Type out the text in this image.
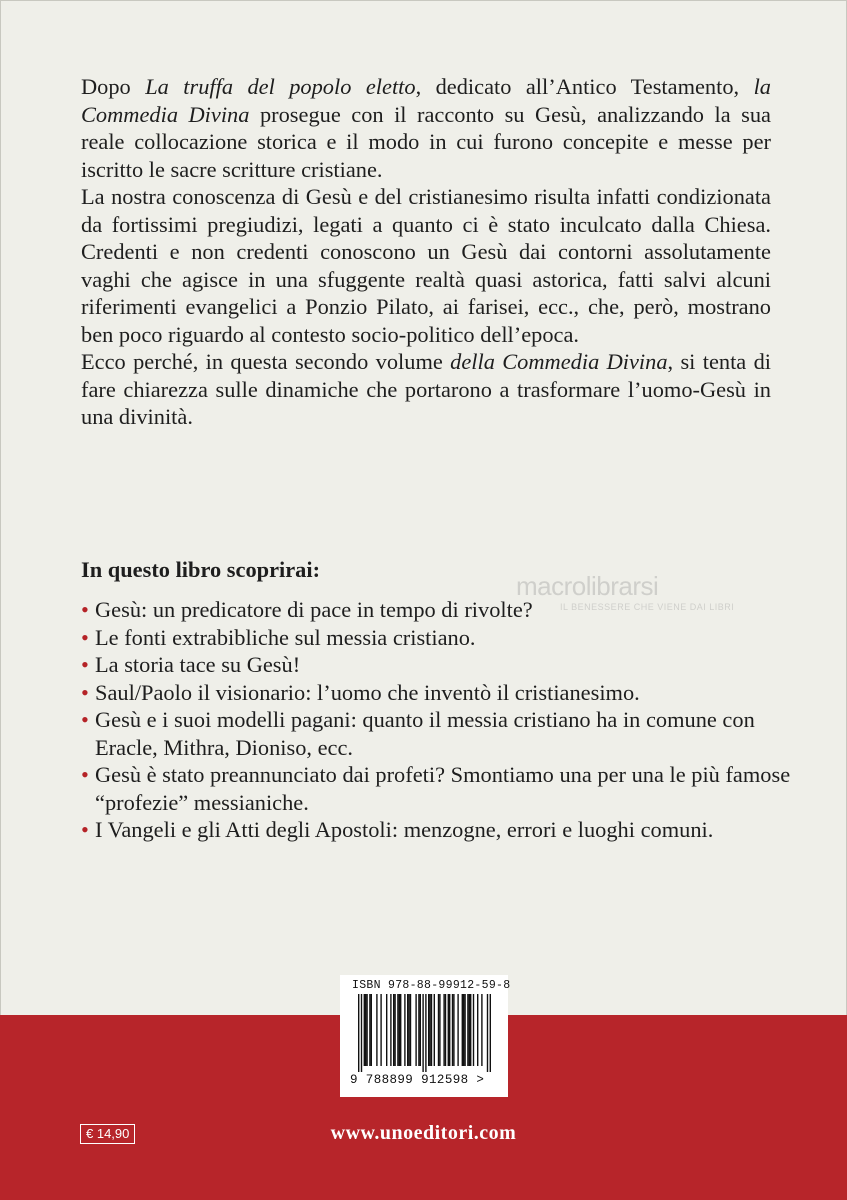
Dopo La truffa del popolo eletto, dedicato all’Antico Testamento, la Commedia Divina prosegue con il racconto su Gesù, analizzando la sua reale collocazione storica e il modo in cui furono concepite e messe per iscritto le sacre scritture cristiane.

La nostra conoscenza di Gesù e del cristianesimo risulta infatti condizionata da fortissimi pregiudizi, legati a quanto ci è stato inculcato dalla Chiesa. Credenti e non credenti conoscono un Gesù dai contorni assolutamente vaghi che agisce in una sfuggente realtà quasi astorica, fatti salvi alcuni riferimenti evangelici a Ponzio Pilato, ai farisei, ecc., che, però, mostrano ben poco riguardo al contesto socio-politico dell’epoca.

Ecco perché, in questa secondo volume della Commedia Divina, si tenta di fare chiarezza sulle dinamiche che portarono a trasformare l’uomo-Gesù in una divinità.

macrolibrarsi
IL BENESSERE CHE VIENE DAI LIBRI
In questo libro scoprirai:
• Gesù: un predicatore di pace in tempo di rivolte?
• Le fonti extrabibliche sul messia cristiano.
• La storia tace su Gesù!
• Saul/Paolo il visionario: l’uomo che inventò il cristianesimo.
• Gesù e i suoi modelli pagani: quanto il messia cristiano ha in comune con Eracle, Mithra, Dioniso, ecc.
• Gesù è stato preannunciato dai profeti? Smontiamo una per una le più famose “profezie” messianiche.
• I Vangeli e gli Atti degli Apostoli: menzogne, errori e luoghi comuni.
ISBN 978-88-99912-59-8
9 788899 912598 >
€ 14,90	www.unoeditori.com
